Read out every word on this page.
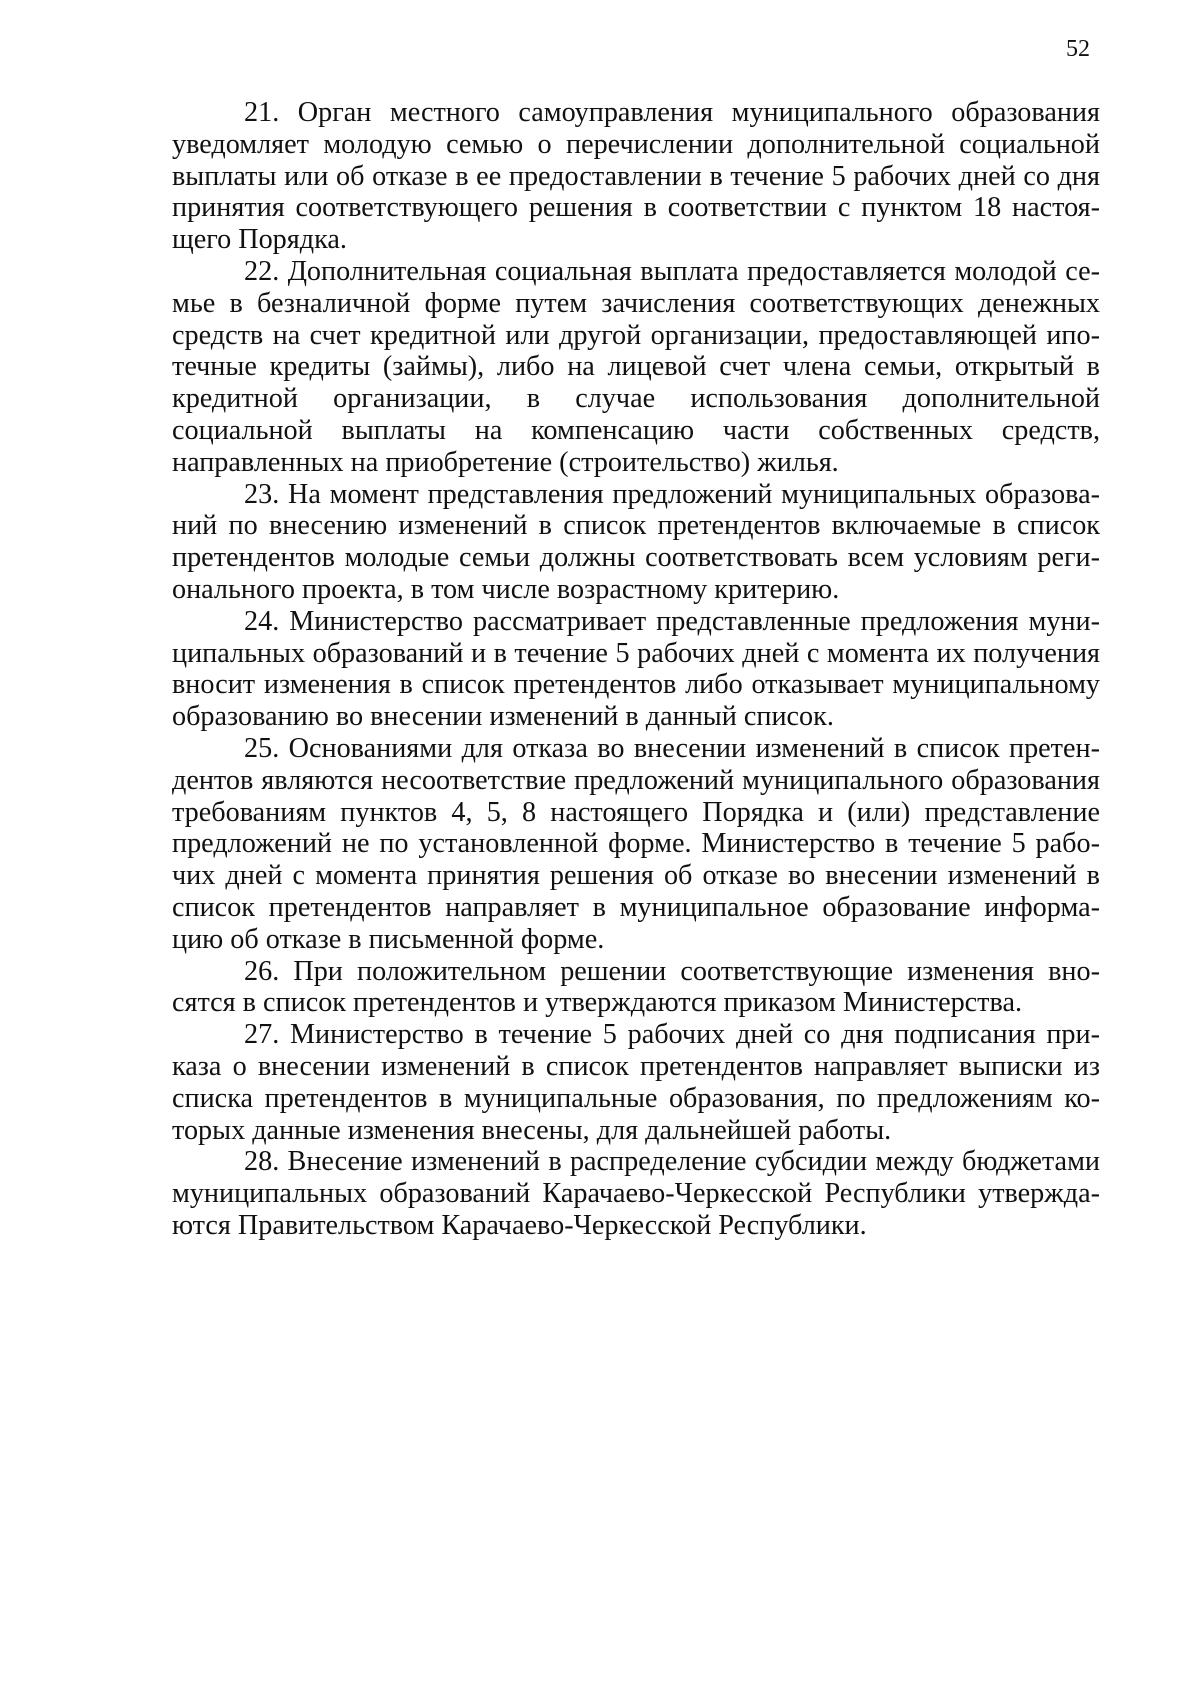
52

21. Орган местного самоуправления муниципального образования уведомляет молодую семью о перечислении дополнительной социальной выплаты или об отказе в ее предоставлении в течение 5 рабочих дней со дня принятия соответствующего решения в соответствии с пунктом 18 настоящего Порядка.

22. Дополнительная социальная выплата предоставляется молодой семье в безналичной форме путем зачисления соответствующих денежных средств на счет кредитной или другой организации, предоставляющей ипотечные кредиты (займы), либо на лицевой счет члена семьи, открытый в кредитной организации, в случае использования дополнительной социальной выплаты на компенсацию части собственных средств, направленных на приобретение (строительство) жилья.

23. На момент представления предложений муниципальных образований по внесению изменений в список претендентов включаемые в список претендентов молодые семьи должны соответствовать всем условиям регионального проекта, в том числе возрастному критерию.

24. Министерство рассматривает представленные предложения муниципальных образований и в течение 5 рабочих дней с момента их получения вносит изменения в список претендентов либо отказывает муниципальному образованию во внесении изменений в данный список.

25. Основаниями для отказа во внесении изменений в список претендентов являются несоответствие предложений муниципального образования требованиям пунктов 4, 5, 8 настоящего Порядка и (или) представление предложений не по установленной форме. Министерство в течение 5 рабочих дней с момента принятия решения об отказе во внесении изменений в список претендентов направляет в муниципальное образование информацию об отказе в письменной форме.

26. При положительном решении соответствующие изменения вносятся в список претендентов и утверждаются приказом Министерства.

27. Министерство в течение 5 рабочих дней со дня подписания приказа о внесении изменений в список претендентов направляет выписки из списка претендентов в муниципальные образования, по предложениям которых данные изменения внесены, для дальнейшей работы.

28. Внесение изменений в распределение субсидии между бюджетами муниципальных образований Карачаево-Черкесской Республики утверждаются Правительством Карачаево-Черкесской Республики.
